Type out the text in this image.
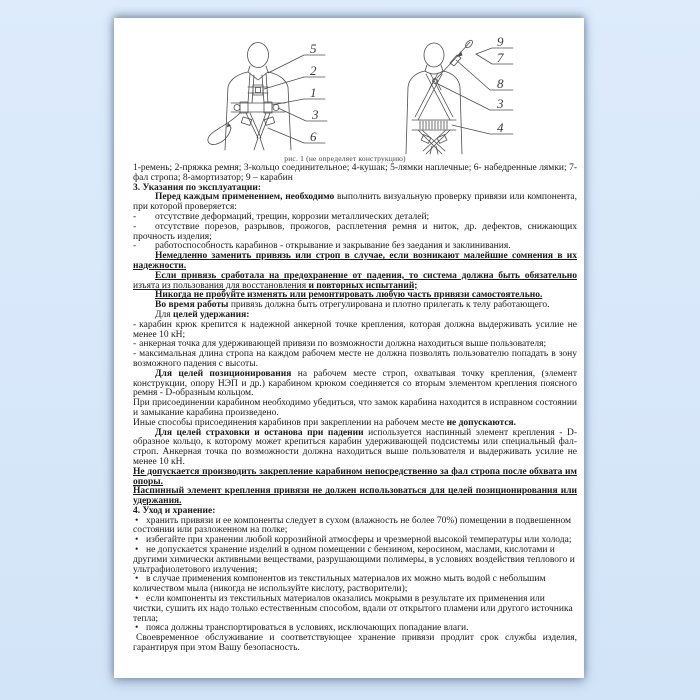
5
2
1
3
6
9
7
8
3
4
рис. 1 (не определяет конструкцию)

1-ремень; 2-пряжка ремня; 3-кольцо соединительное; 4-кушак; 5-лямки наплечные; 6- набедренные лямки; 7-фал стропа; 8-амортизатор; 9 – карабин

3. Указания по эксплуатации:

Перед каждым применением, необходимо выполнить визуальную проверку привязи или компонента, при которой проверяется:

- отсутствие деформаций, трещин, коррозии металлических деталей;

- отсутствие порезов, разрывов, прожогов, расплетения ремня и ниток, др. дефектов, снижающих прочность изделия;

- работоспособность карабинов - открывание и закрывание без заедания и заклинивания.

Немедленно заменить привязь или строп в случае, если возникают малейшие сомнения в их надежности.

Если привязь сработала на предохранение от падения, то система должна быть обязательно изъята из пользования для восстановления и повторных испытаний;

Никогда не пробуйте изменять или ремонтировать любую часть привязи самостоятельно.

Во время работы привязь должна быть отрегулирована и плотно прилегать к телу работающего.

Для целей удержания:

- карабин крюк крепится к надежной анкерной точке крепления, которая должна выдерживать усилие не менее 10 кН;

- анкерная точка для удерживающей привязи по возможности должна находиться выше пользователя;

- максимальная длина стропа на каждом рабочем месте не должна позволять пользователю попадать в зону возможного падения с высоты.

Для целей позиционирования на рабочем месте строп, охватывая точку крепления, (элемент конструкции, опору НЭП и др.) карабином крюком соединяется со вторым элементом крепления поясного ремня - D-образным кольцом.

При присоединении карабином необходимо убедиться, что замок карабина находится в исправном состоянии и замыкание карабина произведено.

Иные способы присоединения карабинов при закреплении на рабочем месте не допускаются.

Для целей страховки и останова при падении используется наспинный элемент крепления - D-образное кольцо, к которому может крепиться карабин удерживающей подсистемы или специальный фал-строп. Анкерная точка по возможности должна находиться выше пользователя и выдерживать усилие не менее 10 кН.

Не допускается производить закрепление карабином непосредственно за фал стропа после обхвата им опоры.

Наспинный элемент крепления привязи не должен использоваться для целей позиционирования или удержания.

4. Уход и хранение:

• хранить привязи и ее компоненты следует в сухом (влажность не более 70%) помещении в подвешенном состоянии или разложенном на полке;

• избегайте при хранении любой коррозийной атмосферы и чрезмерной высокой температуры или холода;

• не допускается хранение изделий в одном помещении с бензином, керосином, маслами, кислотами и другими химически активными веществами, разрушающими полимеры, в условиях воздействия теплового и ультрафиолетового излучения;

• в случае применения компонентов из текстильных материалов их можно мыть водой с небольшим количеством мыла (никогда не используйте кислоту, растворители);

• если компоненты из текстильных материалов оказались мокрыми в результате их применения или чистки, сушить их надо только естественным способом, вдали от открытого пламени или другого источника тепла;

• пояса должны транспортироваться в условиях, исключающих попадание влаги.

Своевременное обслуживание и соответствующее хранение привязи продлит срок службы изделия, гарантируя при этом Вашу безопасность.
